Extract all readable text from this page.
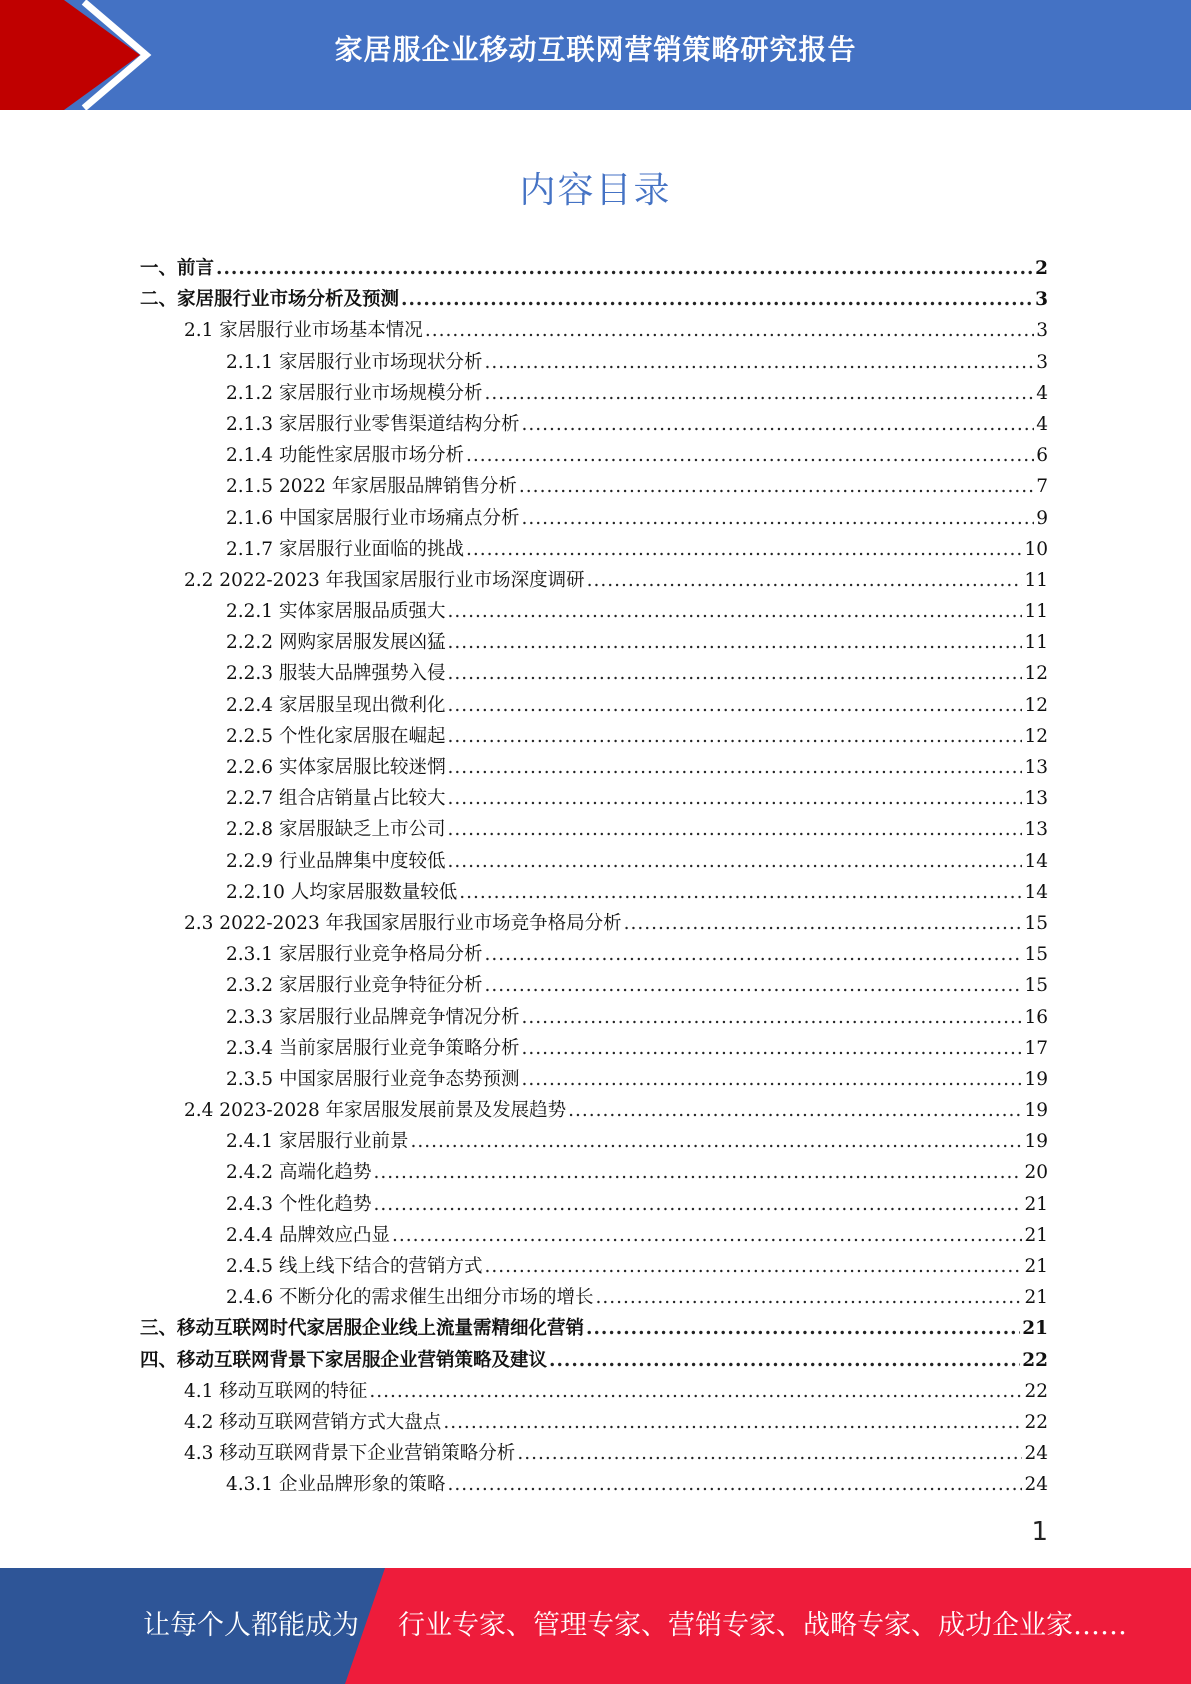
家居服企业移动互联网营销策略研究报告
内容目录
一、前言 .....	2
二、家居服行业市场分析及预测 .....	3
2.1 家居服行业市场基本情况 .....	3
2.1.1 家居服行业市场现状分析 .....	3
2.1.2 家居服行业市场规模分析 .....	4
2.1.3 家居服行业零售渠道结构分析 .....	4
2.1.4 功能性家居服市场分析 .....	6
2.1.5 2022 年家居服品牌销售分析 .....	7
2.1.6 中国家居服行业市场痛点分析 .....	9
2.1.7 家居服行业面临的挑战 .....	10
2.2 2022-2023 年我国家居服行业市场深度调研 .....	11
2.2.1 实体家居服品质强大 .....	11
2.2.2 网购家居服发展凶猛 .....	11
2.2.3 服装大品牌强势入侵 .....	12
2.2.4 家居服呈现出微利化 .....	12
2.2.5 个性化家居服在崛起 .....	12
2.2.6 实体家居服比较迷惘 .....	13
2.2.7 组合店销量占比较大 .....	13
2.2.8 家居服缺乏上市公司 .....	13
2.2.9 行业品牌集中度较低 .....	14
2.2.10 人均家居服数量较低 .....	14
2.3 2022-2023 年我国家居服行业市场竞争格局分析 .....	15
2.3.1 家居服行业竞争格局分析 .....	15
2.3.2 家居服行业竞争特征分析 .....	15
2.3.3 家居服行业品牌竞争情况分析 .....	16
2.3.4 当前家居服行业竞争策略分析 .....	17
2.3.5 中国家居服行业竞争态势预测 .....	19
2.4 2023-2028 年家居服发展前景及发展趋势 .....	19
2.4.1 家居服行业前景 .....	19
2.4.2 高端化趋势 .....	20
2.4.3 个性化趋势 .....	21
2.4.4 品牌效应凸显 .....	21
2.4.5 线上线下结合的营销方式 .....	21
2.4.6 不断分化的需求催生出细分市场的增长 .....	21
三、移动互联网时代家居服企业线上流量需精细化营销 .....	21
四、移动互联网背景下家居服企业营销策略及建议 .....	22
4.1 移动互联网的特征 .....	22
4.2 移动互联网营销方式大盘点 .....	22
4.3 移动互联网背景下企业营销策略分析 .....	24
4.3.1 企业品牌形象的策略 .....	24
1
让每个人都能成为 行业专家、管理专家、营销专家、战略专家、成功企业家……
